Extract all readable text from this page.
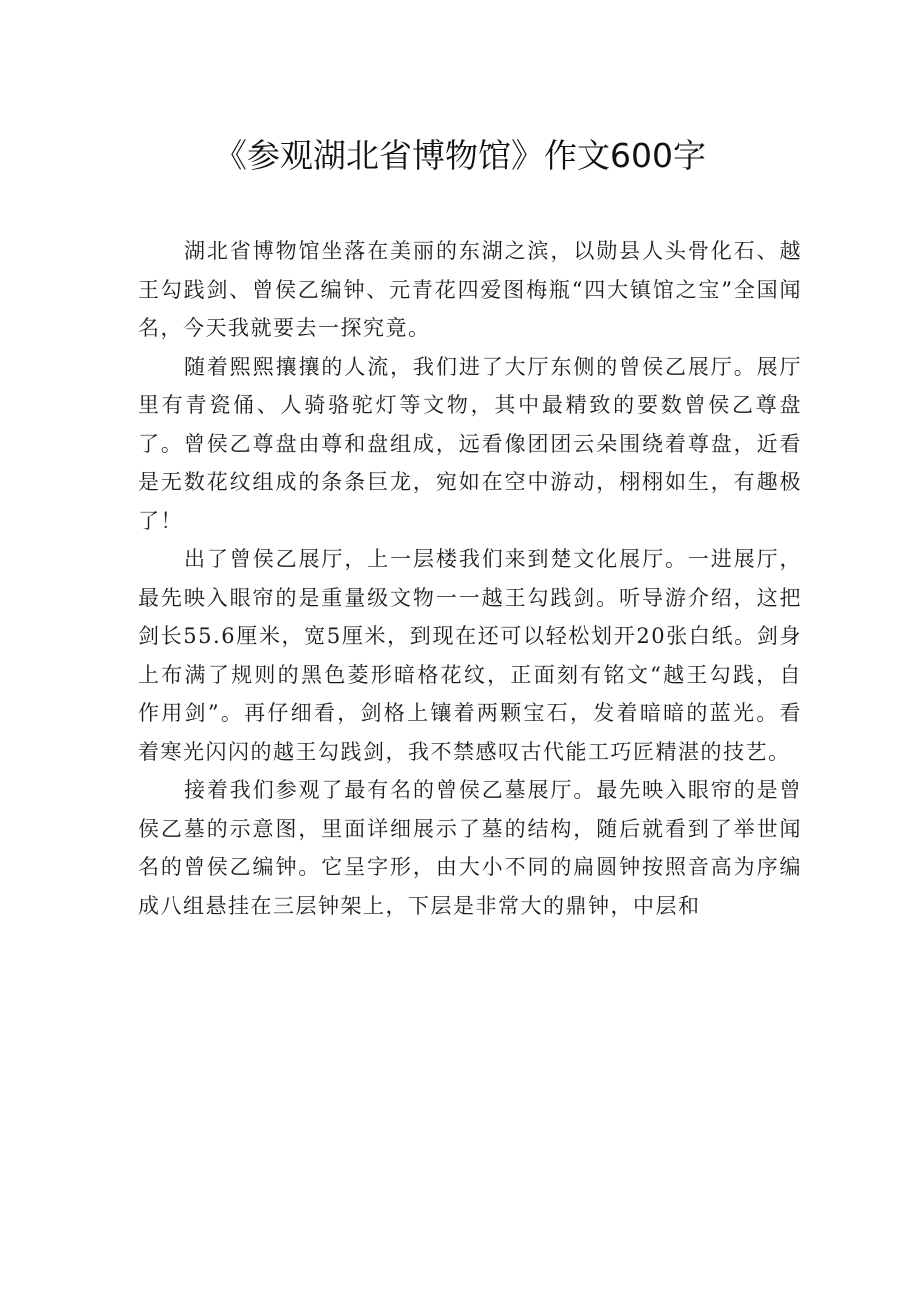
《参观湖北省博物馆》作文600字

湖北省博物馆坐落在美丽的东湖之滨，以勋县人头骨化石、越王勾践剑、曾侯乙编钟、元青花四爱图梅瓶“四大镇馆之宝”全国闻名，今天我就要去一探究竟。

随着熙熙攘攘的人流，我们进了大厅东侧的曾侯乙展厅。展厅里有青瓷俑、人骑骆驼灯等文物，其中最精致的要数曾侯乙尊盘了。曾侯乙尊盘由尊和盘组成，远看像团团云朵围绕着尊盘，近看是无数花纹组成的条条巨龙，宛如在空中游动，栩栩如生，有趣极了！

出了曾侯乙展厅，上一层楼我们来到楚文化展厅。一进展厅，最先映入眼帘的是重量级文物一一越王勾践剑。听导游介绍，这把剑长55.6厘米，宽5厘米，到现在还可以轻松划开20张白纸。剑身上布满了规则的黑色菱形暗格花纹，正面刻有铭文“越王勾践，自作用剑”。再仔细看，剑格上镶着两颗宝石，发着暗暗的蓝光。看着寒光闪闪的越王勾践剑，我不禁感叹古代能工巧匠精湛的技艺。

接着我们参观了最有名的曾侯乙墓展厅。最先映入眼帘的是曾侯乙墓的示意图，里面详细展示了墓的结构，随后就看到了举世闻名的曾侯乙编钟。它呈字形，由大小不同的扁圆钟按照音高为序编成八组悬挂在三层钟架上，下层是非常大的鼎钟，中层和
